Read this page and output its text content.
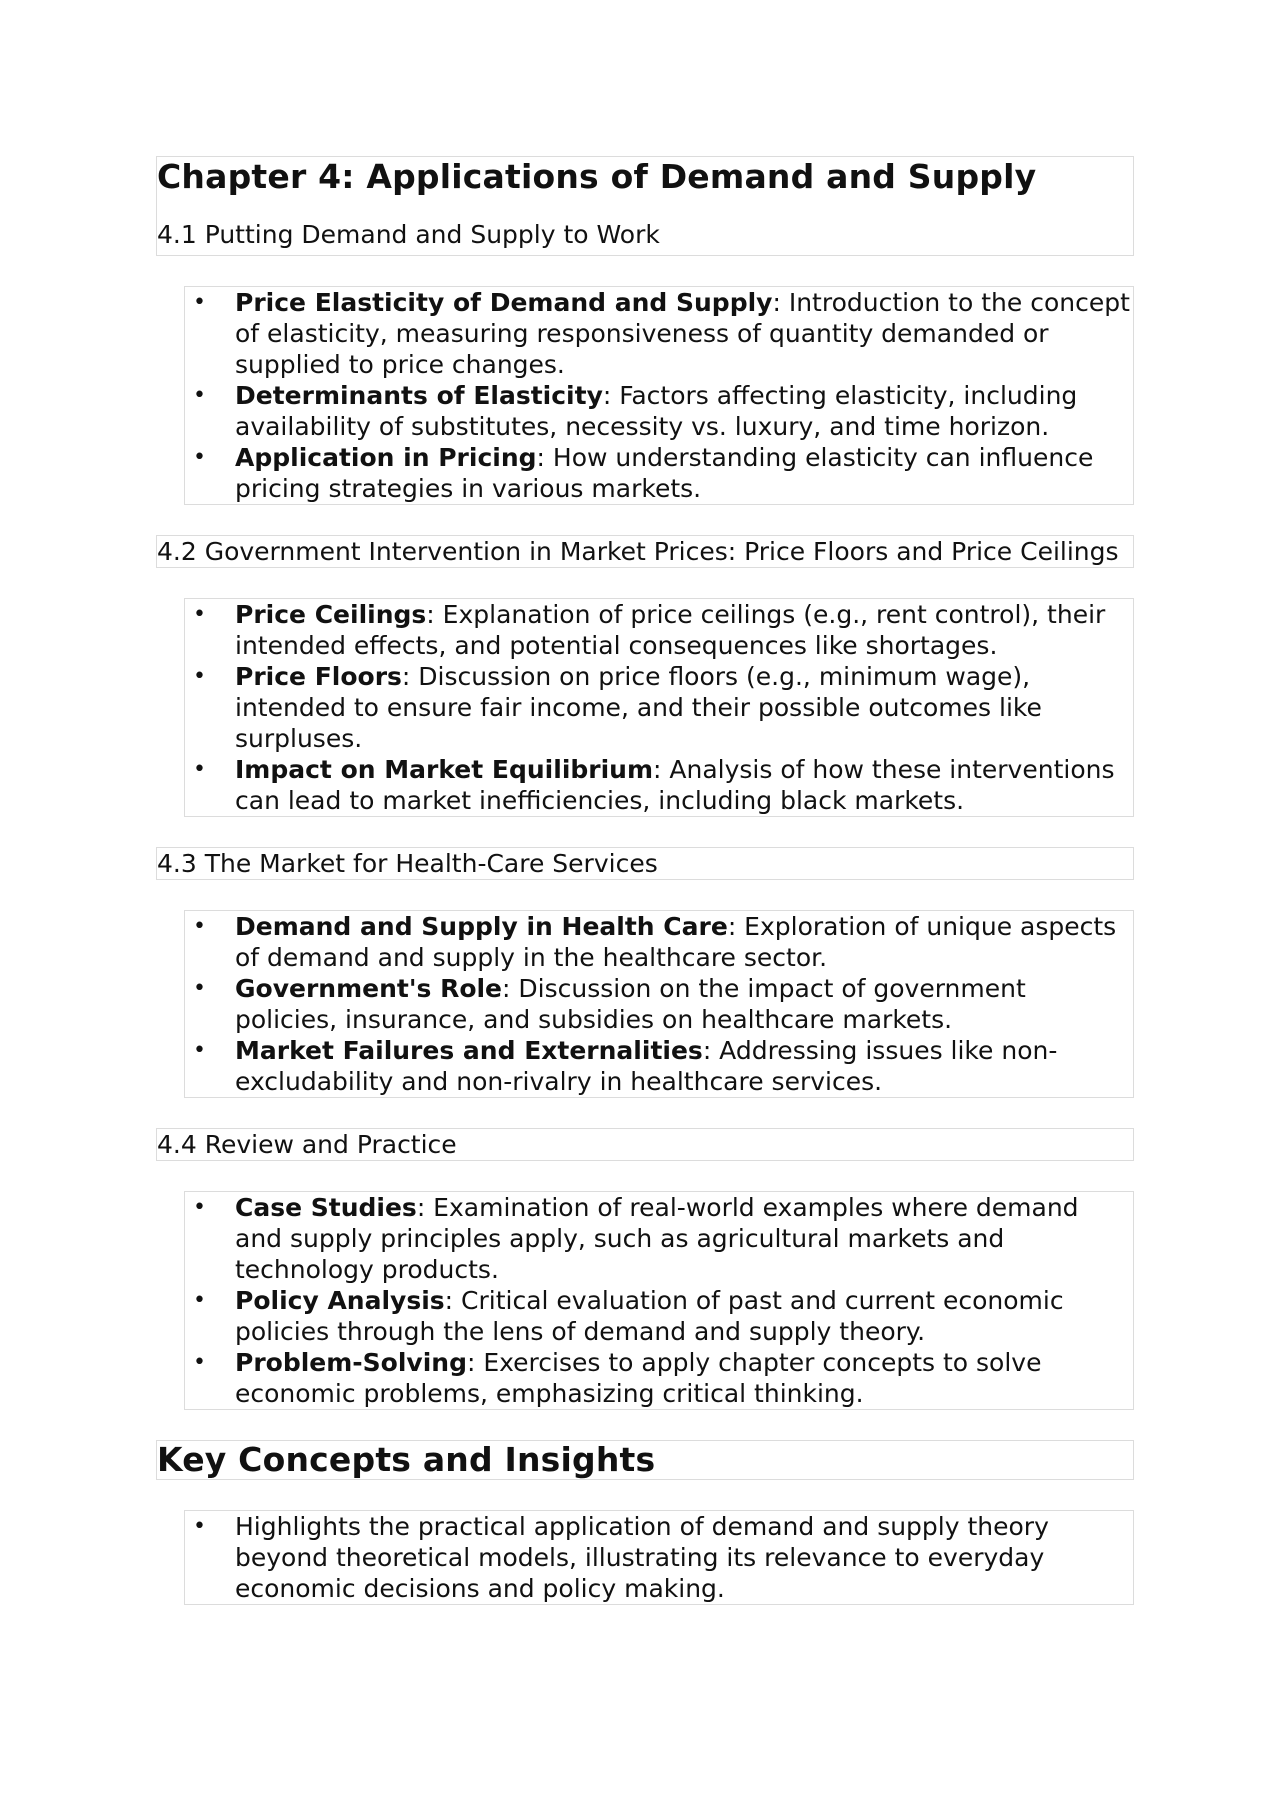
Chapter 4: Applications of Demand and Supply
4.1 Putting Demand and Supply to Work
• Price Elasticity of Demand and Supply: Introduction to the concept of elasticity, measuring responsiveness of quantity demanded or supplied to price changes.
• Determinants of Elasticity: Factors affecting elasticity, including availability of substitutes, necessity vs. luxury, and time horizon.
• Application in Pricing: How understanding elasticity can influence pricing strategies in various markets.
4.2 Government Intervention in Market Prices: Price Floors and Price Ceilings
• Price Ceilings: Explanation of price ceilings (e.g., rent control), their intended effects, and potential consequences like shortages.
• Price Floors: Discussion on price floors (e.g., minimum wage), intended to ensure fair income, and their possible outcomes like surpluses.
• Impact on Market Equilibrium: Analysis of how these interventions can lead to market inefficiencies, including black markets.
4.3 The Market for Health-Care Services
• Demand and Supply in Health Care: Exploration of unique aspects of demand and supply in the healthcare sector.
• Government's Role: Discussion on the impact of government policies, insurance, and subsidies on healthcare markets.
• Market Failures and Externalities: Addressing issues like non-excludability and non-rivalry in healthcare services.
4.4 Review and Practice
• Case Studies: Examination of real-world examples where demand and supply principles apply, such as agricultural markets and technology products.
• Policy Analysis: Critical evaluation of past and current economic policies through the lens of demand and supply theory.
• Problem-Solving: Exercises to apply chapter concepts to solve economic problems, emphasizing critical thinking.
Key Concepts and Insights
• Highlights the practical application of demand and supply theory beyond theoretical models, illustrating its relevance to everyday economic decisions and policy making.
